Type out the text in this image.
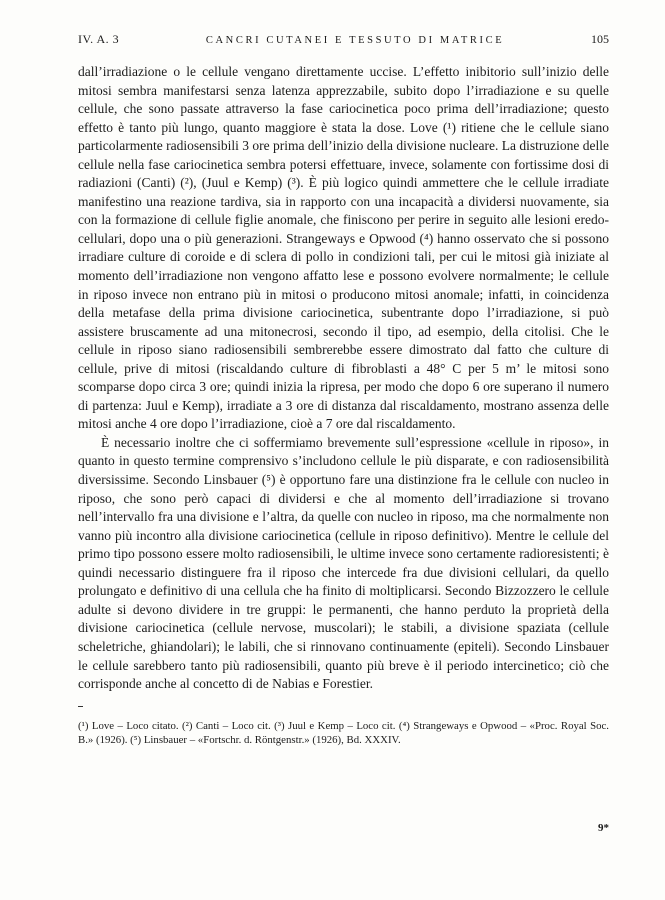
IV. A. 3	CANCRI CUTANEI E TESSUTO DI MATRICE	105

dall’irradiazione o le cellule vengano direttamente uccise. L’effetto inibitorio sull’inizio delle mitosi sembra manifestarsi senza latenza apprezzabile, subito dopo l’irradiazione e su quelle cellule, che sono passate attraverso la fase cariocinetica poco prima dell’irradiazione; questo effetto è tanto più lungo, quanto maggiore è stata la dose. Love (¹) ritiene che le cellule siano particolarmente radiosensibili 3 ore prima dell’inizio della divisione nucleare. La distruzione delle cellule nella fase cariocinetica sembra potersi effettuare, invece, solamente con fortissime dosi di radiazioni (Canti) (²), (Juul e Kemp) (³). È più logico quindi ammettere che le cellule irradiate manifestino una reazione tardiva, sia in rapporto con una incapacità a dividersi nuovamente, sia con la formazione di cellule figlie anomale, che finiscono per perire in seguito alle lesioni eredo-cellulari, dopo una o più generazioni. Strangeways e Opwood (⁴) hanno osservato che si possono irradiare culture di coroide e di sclera di pollo in condizioni tali, per cui le mitosi già iniziate al momento dell’irradiazione non vengono affatto lese e possono evolvere normalmente; le cellule in riposo invece non entrano più in mitosi o producono mitosi anomale; infatti, in coincidenza della metafase della prima divisione cariocinetica, subentrante dopo l’irradiazione, si può assistere bruscamente ad una mitonecrosi, secondo il tipo, ad esempio, della citolisi. Che le cellule in riposo siano radiosensibili sembrerebbe essere dimostrato dal fatto che culture di cellule, prive di mitosi (riscaldando culture di fibroblasti a 48° C per 5 m’ le mitosi sono scomparse dopo circa 3 ore; quindi inizia la ripresa, per modo che dopo 6 ore superano il numero di partenza: Juul e Kemp), irradiate a 3 ore di distanza dal riscaldamento, mostrano assenza delle mitosi anche 4 ore dopo l’irradiazione, cioè a 7 ore dal riscaldamento.

È necessario inoltre che ci soffermiamo brevemente sull’espressione «cellule in riposo», in quanto in questo termine comprensivo s’includono cellule le più disparate, e con radiosensibilità diversissime. Secondo Linsbauer (⁵) è opportuno fare una distinzione fra le cellule con nucleo in riposo, che sono però capaci di dividersi e che al momento dell’irradiazione si trovano nell’intervallo fra una divisione e l’altra, da quelle con nucleo in riposo, ma che normalmente non vanno più incontro alla divisione cariocinetica (cellule in riposo definitivo). Mentre le cellule del primo tipo possono essere molto radiosensibili, le ultime invece sono certamente radioresistenti; è quindi necessario distinguere fra il riposo che intercede fra due divisioni cellulari, da quello prolungato e definitivo di una cellula che ha finito di moltiplicarsi. Secondo Bizzozzero le cellule adulte si devono dividere in tre gruppi: le permanenti, che hanno perduto la proprietà della divisione cariocinetica (cellule nervose, muscolari); le stabili, a divisione spaziata (cellule scheletriche, ghiandolari); le labili, che si rinnovano continuamente (epiteli). Secondo Linsbauer le cellule sarebbero tanto più radiosensibili, quanto più breve è il periodo intercinetico; ciò che corrisponde anche al concetto di de Nabias e Forestier.

(¹) Love – Loco citato. (²) Canti – Loco cit. (³) Juul e Kemp – Loco cit. (⁴) Strangeways e Opwood – «Proc. Royal Soc. B.» (1926). (⁵) Linsbauer – «Fortschr. d. Röntgenstr.» (1926), Bd. XXXIV.
9*
